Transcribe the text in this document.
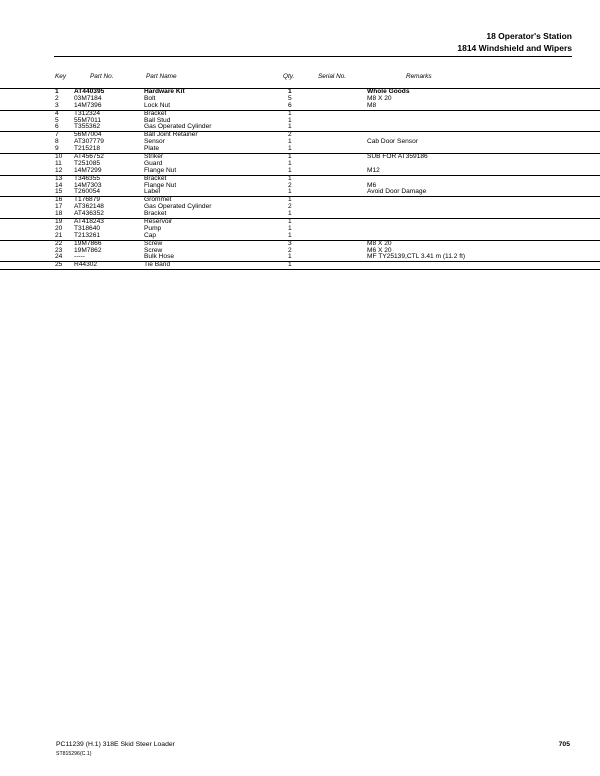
18 Operator's Station
1814 Windshield and Wipers
Key	Part No.	Part Name	Qty.	Serial No.	Remarks
1 AT440395	Hardware Kit	1	Whole Goods
2 03M7184	Bolt	5	M8 X 20
3 14M7396	Lock Nut	6	M8
4 T312324	Bracket	1
5 55M7011	Ball Stud	1
6 T355362	Gas Operated Cylinder	1
7 56M7004	Ball Joint Retainer	2
8 AT307779	Sensor	1	Cab Door Sensor
9 T215218	Plate	1
10 AT456752	Striker	1	SUB FOR AT359186
11 T251085	Guard	1
12 14M7299	Flange Nut	1	M12
13 T346355	Bracket	1
14 14M7303	Flange Nut	2	M6
15 T260054	Label	1	Avoid Door Damage
16 T176879	Grommet	1
17 AT362148	Gas Operated Cylinder	2
18 AT436352	Bracket	1
19 AT418243	Reservoir	1
20 T318640	Pump	1
21 T213261	Cap	1
22 19M7866	Screw	3	M8 X 20
23 19M7862	Screw	2	M6 X 20
24 -----	Bulk Hose	1	MF TY25139,CTL 3.41 m (11.2 ft)
25 R44302	Tie Band	1
PC11239 (H.1) 318E Skid Steer Loader	705
ST815296(C.1)
